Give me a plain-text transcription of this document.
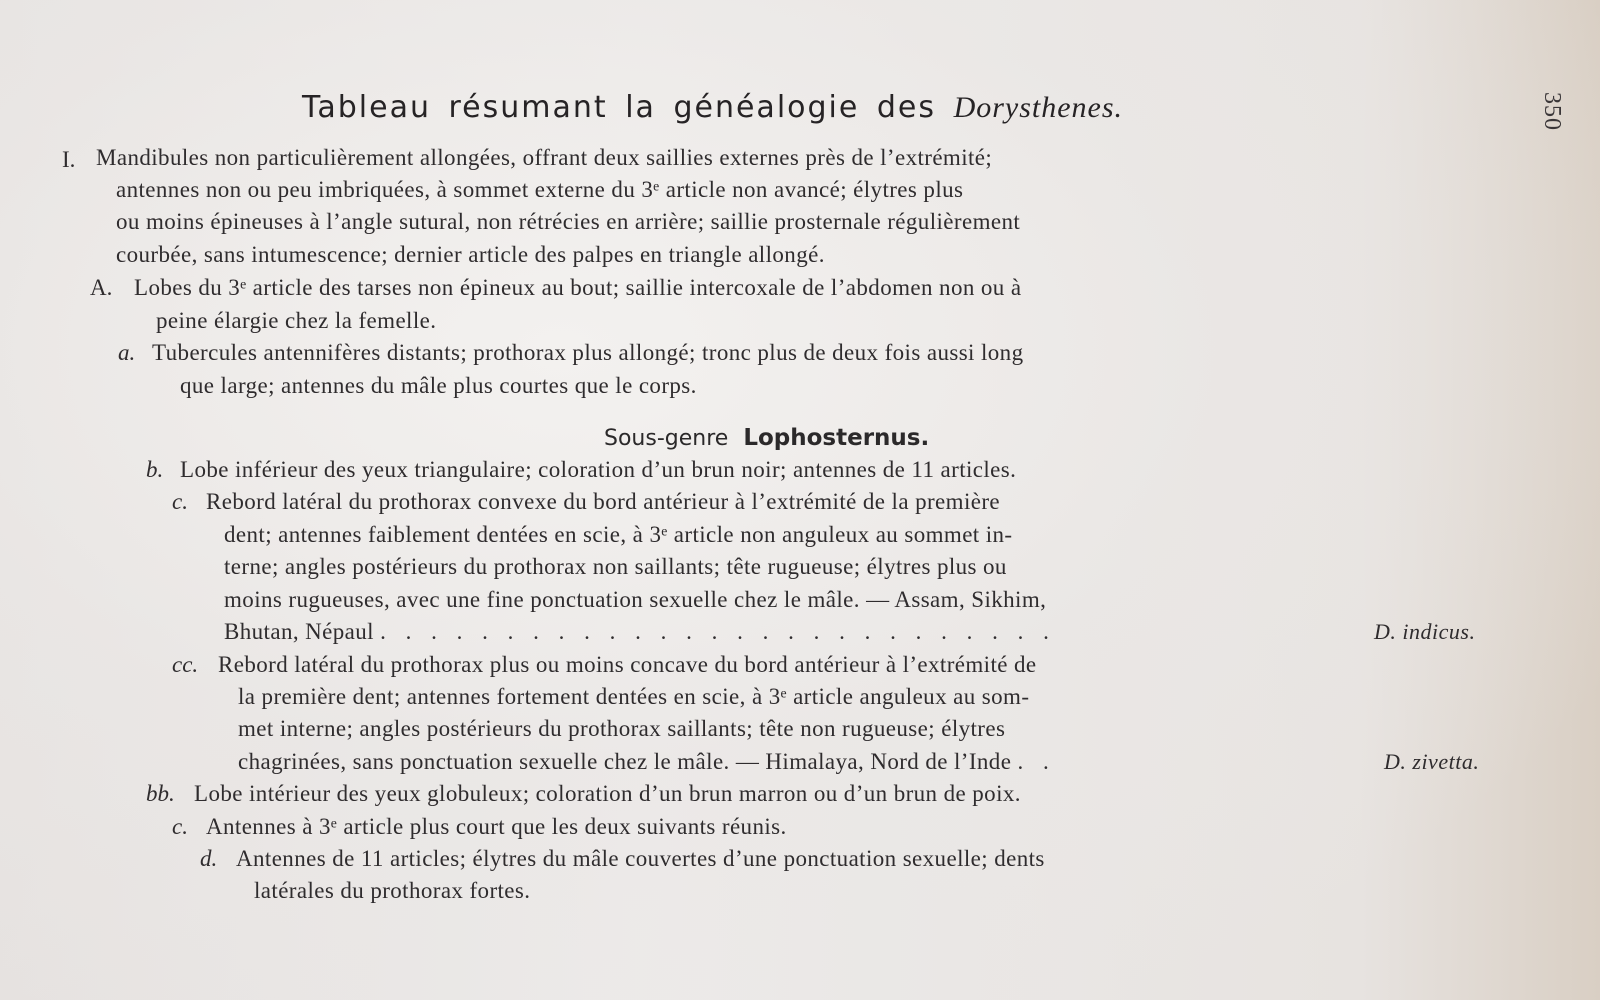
350
Tableau résumant la généalogie des Dorysthenes.
I. Mandibules non particulièrement allongées, offrant deux saillies externes près de l’extrémité;
antennes non ou peu imbriquées, à sommet externe du 3ᵉ article non avancé; élytres plus
ou moins épineuses à l’angle sutural, non rétrécies en arrière; saillie prosternale régulièrement
courbée, sans intumescence; dernier article des palpes en triangle allongé.
A. Lobes du 3ᵉ article des tarses non épineux au bout; saillie intercoxale de l’abdomen non ou à
peine élargie chez la femelle.
a. Tubercules antennifères distants; prothorax plus allongé; tronc plus de deux fois aussi long
que large; antennes du mâle plus courtes que le corps.
Sous-genre Lophosternus.
b. Lobe inférieur des yeux triangulaire; coloration d’un brun noir; antennes de 11 articles.
c. Rebord latéral du prothorax convexe du bord antérieur à l’extrémité de la première
dent; antennes faiblement dentées en scie, à 3ᵉ article non anguleux au sommet in-
terne; angles postérieurs du prothorax non saillants; tête rugueuse; élytres plus ou
moins rugueuses, avec une fine ponctuation sexuelle chez le mâle. — Assam, Sikhim,
Bhutan, Népaul . . . . . . . . . . . . . . . . . . . . . . . . . . .	D. indicus.
cc. Rebord latéral du prothorax plus ou moins concave du bord antérieur à l’extrémité de
la première dent; antennes fortement dentées en scie, à 3ᵉ article anguleux au som-
met interne; angles postérieurs du prothorax saillants; tête non rugueuse; élytres
chagrinées, sans ponctuation sexuelle chez le mâle. — Himalaya, Nord de l’Inde . .	D. zivetta.
bb. Lobe intérieur des yeux globuleux; coloration d’un brun marron ou d’un brun de poix.
c. Antennes à 3ᵉ article plus court que les deux suivants réunis.
d. Antennes de 11 articles; élytres du mâle couvertes d’une ponctuation sexuelle; dents
latérales du prothorax fortes.
